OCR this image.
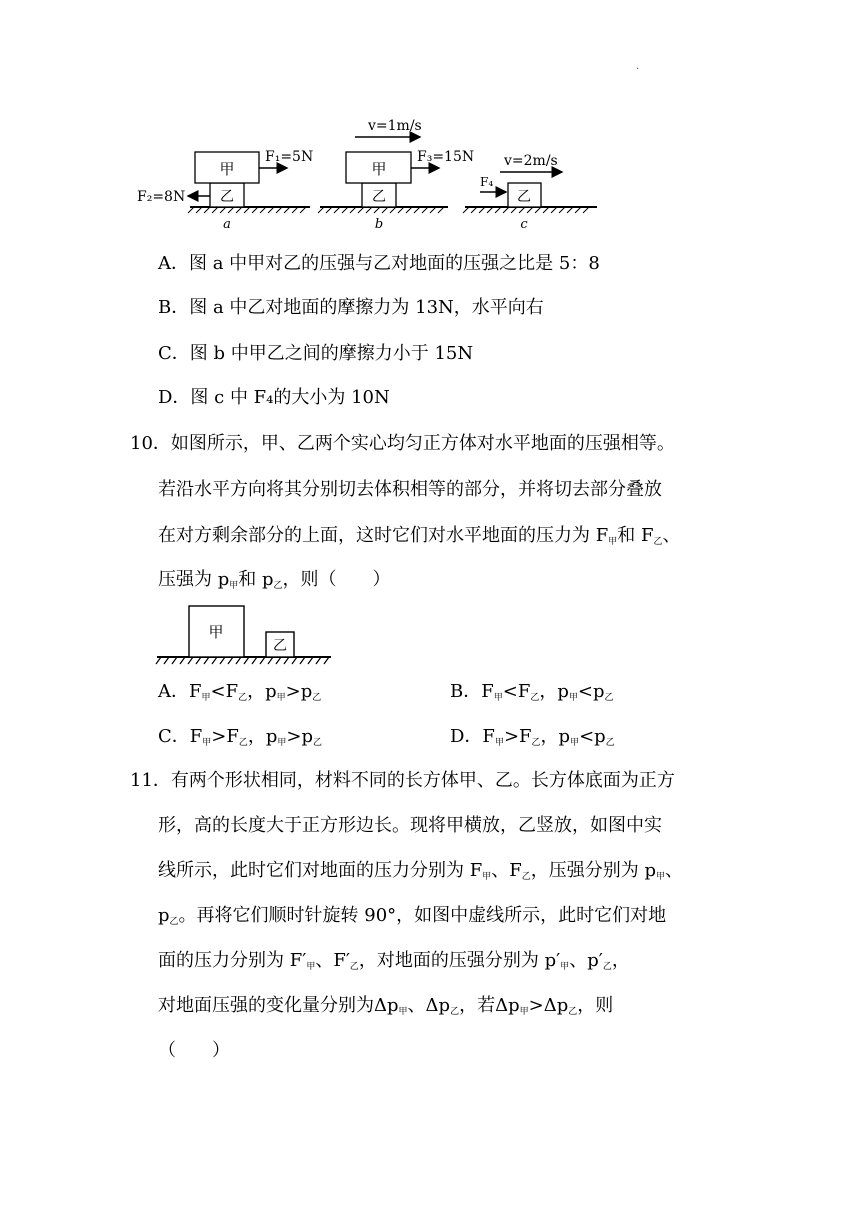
·
甲
乙
F₁=5N
F₂=8N
a
甲
乙
v=1m/s
F₃=15N
b
乙
v=2m/s
F₄
c
A．图 a 中甲对乙的压强与乙对地面的压强之比是 5：8
B．图 a 中乙对地面的摩擦力为 13N，水平向右
C．图 b 中甲乙之间的摩擦力小于 15N
D．图 c 中 F₄的大小为 10N
10．如图所示，甲、乙两个实心均匀正方体对水平地面的压强相等。
若沿水平方向将其分别切去体积相等的部分，并将切去部分叠放
在对方剩余部分的上面，这时它们对水平地面的压力为 $F_甲$和 $F_乙$、
压强为 $p_甲$和 $p_乙$，则（　　）
甲
乙
A．$F_甲<F_乙$，$p_甲>p_乙$	B．$F_甲<F_乙$，$p_甲<p_乙$
C．$F_甲>F_乙$，$p_甲>p_乙$	D．$F_甲>F_乙$，$p_甲<p_乙$
11．有两个形状相同，材料不同的长方体甲、乙。长方体底面为正方
形，高的长度大于正方形边长。现将甲横放，乙竖放，如图中实
线所示，此时它们对地面的压力分别为 $F_甲$、$F_乙$，压强分别为 $p_甲$、
$p_乙$。再将它们顺时针旋转 90°，如图中虚线所示，此时它们对地
面的压力分别为 $F'_甲$、$F'_乙$，对地面的压强分别为 $p'_甲$、$p'_乙$，
对地面压强的变化量分别为$\Delta p_甲$、$\Delta p_乙$，若$\Delta p_甲>\Delta p_乙$，则
（　　）
